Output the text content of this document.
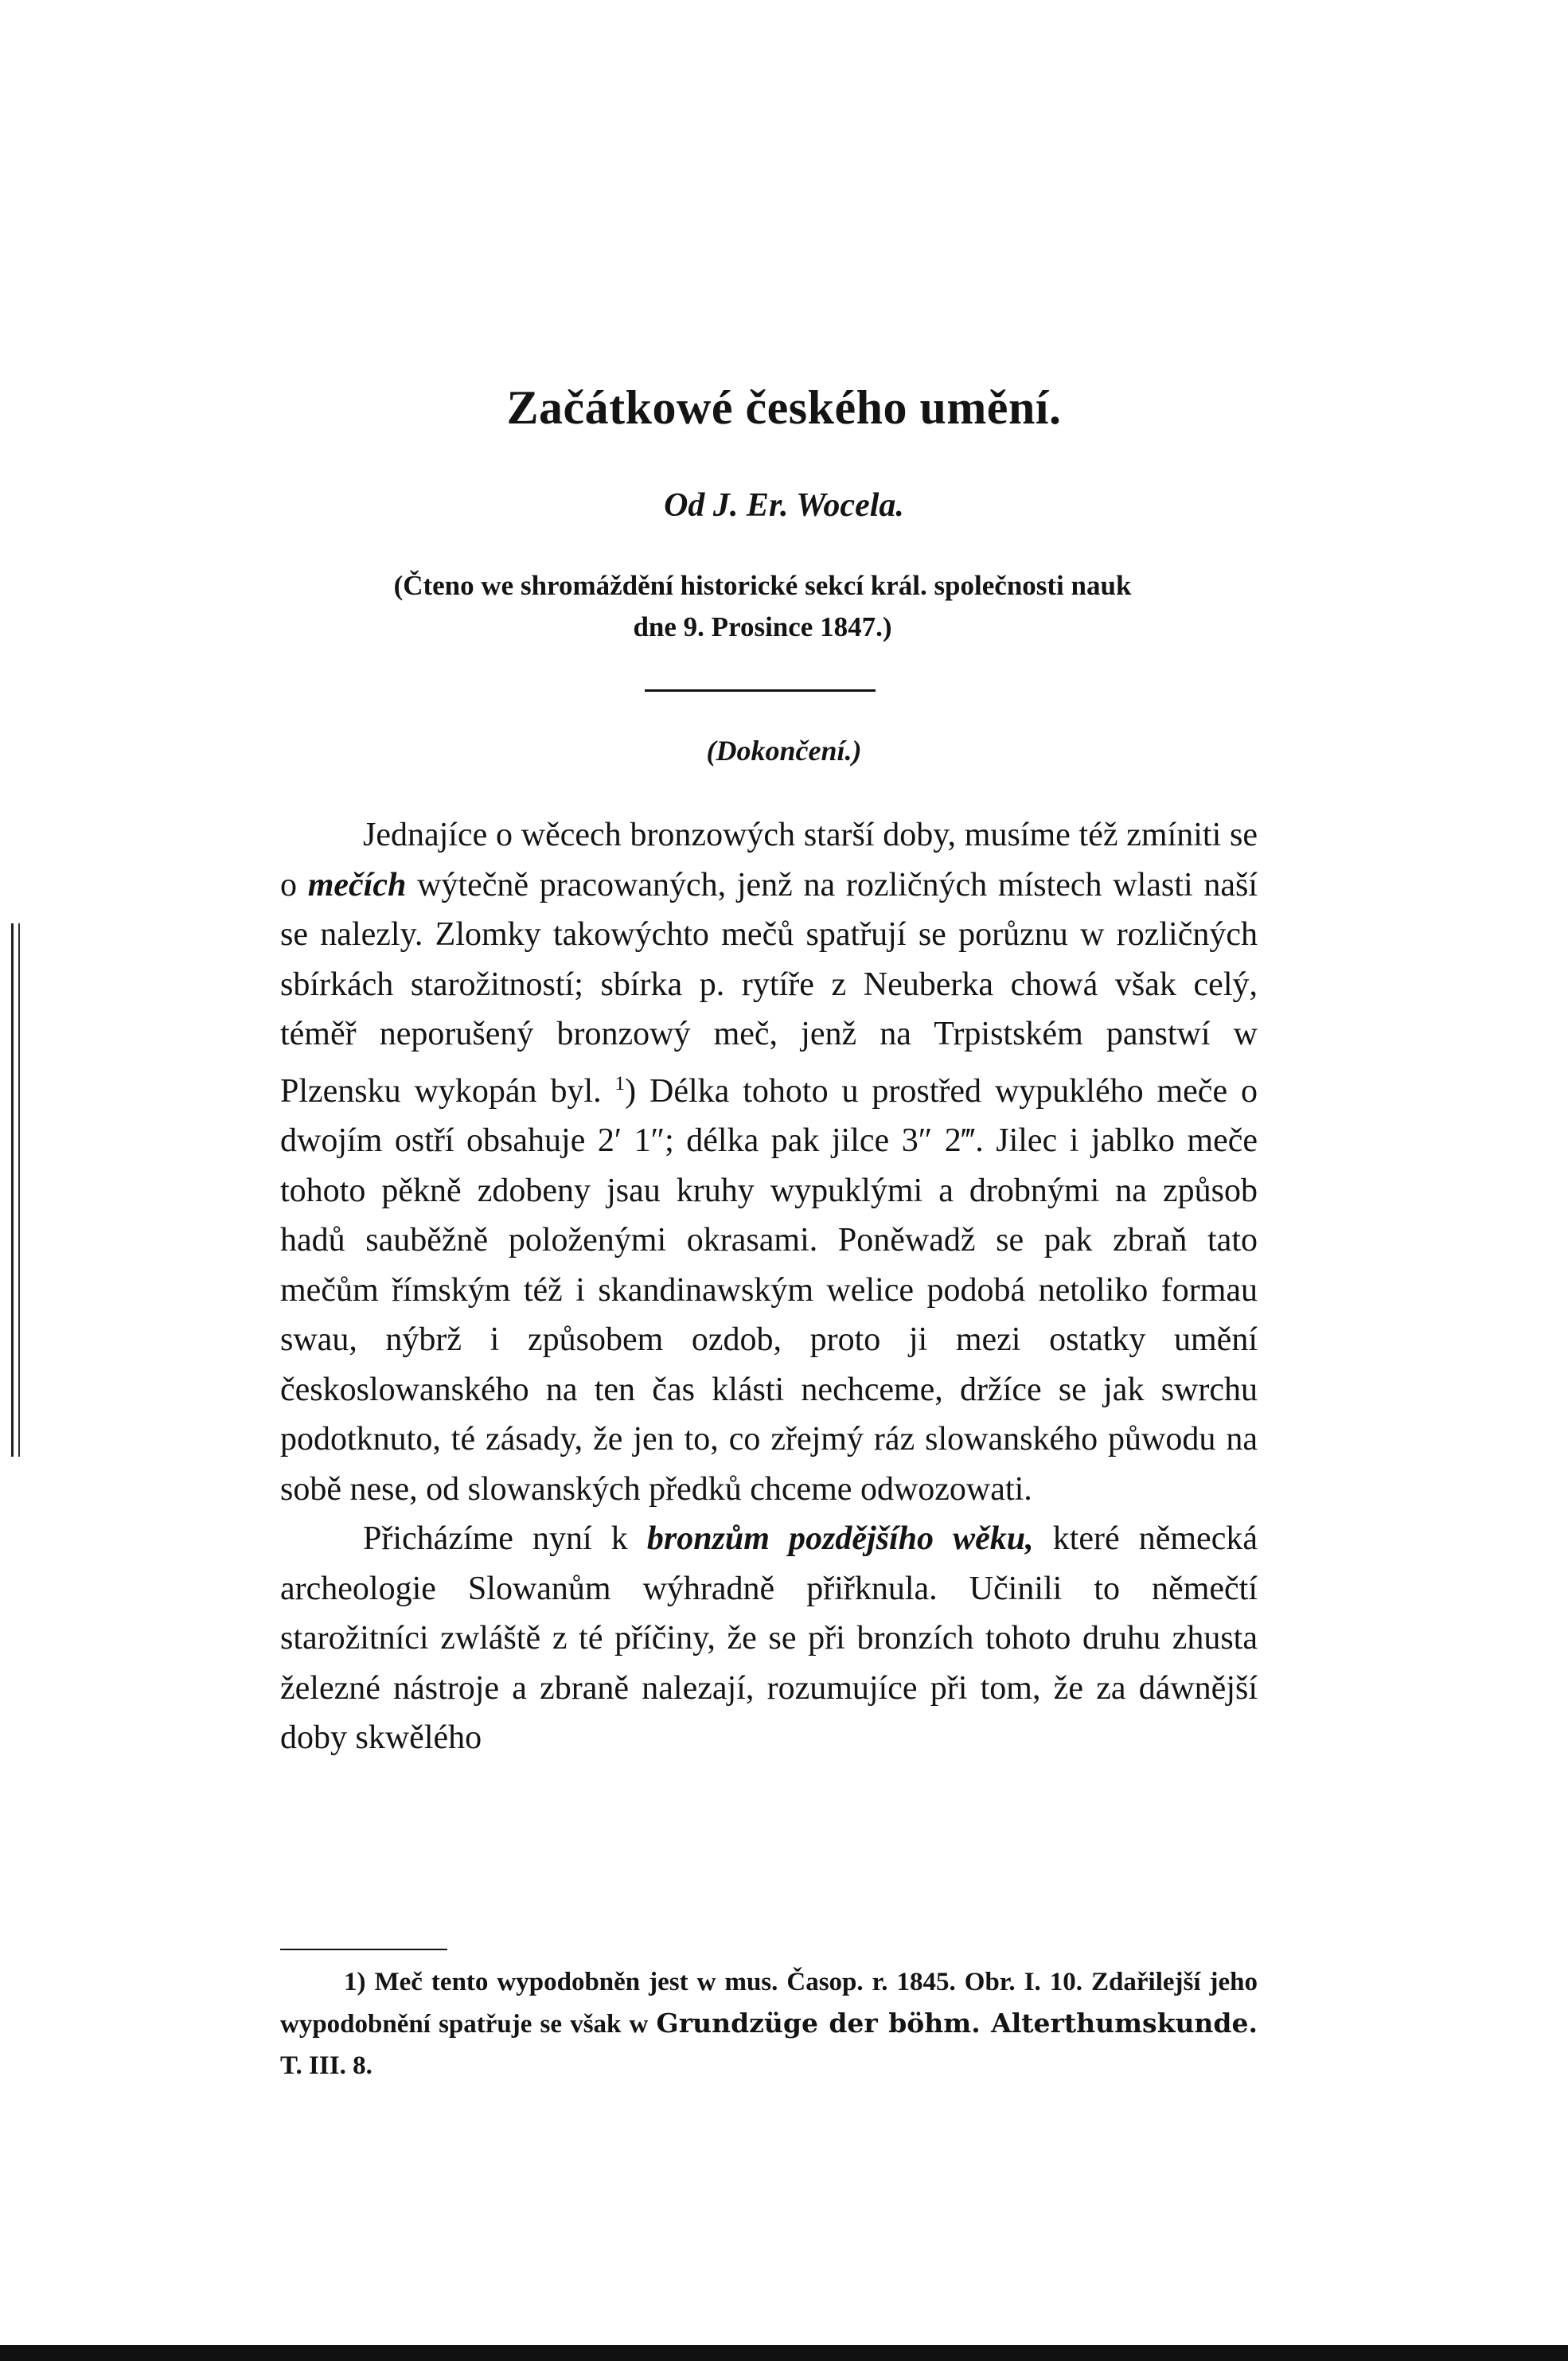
Začátkowé českého umění.
Od J. Er. Wocela.
(Čteno we shromáždění historické sekcí král. společnosti nauk
dne 9. Prosince 1847.)
(Dokončení.)

Jednajíce o wěcech bronzowých starší doby, musíme též zmíniti se o mečích wýtečně pracowaných, jenž na rozličných místech wlasti naší se nalezly. Zlomky takowýchto mečů spatřují se porůznu w rozličných sbírkách starožitností; sbírka p. rytíře z Neuberka chowá však celý, téměř neporušený bronzowý meč, jenž na Trpistském panstwí w Plzensku wykopán byl. $^1$) Délka tohoto u prostřed wypuklého meče o dwojím ostří obsahuje 2′ 1″; délka pak jilce 3″ 2‴. Jilec i jablko meče tohoto pěkně zdobeny jsau kruhy wypuklými a drobnými na způsob hadů sauběžně položenými okrasami. Poněwadž se pak zbraň tato mečům římským též i skandinawským welice podobá netoliko formau swau, nýbrž i způsobem ozdob, proto ji mezi ostatky umění českoslowanského na ten čas klásti nechceme, držíce se jak swrchu podotknuto, té zásady, že jen to, co zřejmý ráz slowanského půwodu na sobě nese, od slowanských předků chceme odwozowati.

Přicházíme nyní k bronzům pozdějšího wěku, které německá archeologie Slowanům wýhradně přiřknula. Učinili to němečtí starožitníci zwláště z té příčiny, že se při bronzích tohoto druhu zhusta železné nástroje a zbraně nalezají, rozumujíce při tom, že za dáwnější doby skwělého

1) Meč tento wypodobněn jest w mus. Časop. r. 1845. Obr. I. 10. Zdařilejší jeho wypodobnění spatřuje se však w Grundzüge der böhm. Alterthumskunde. T. III. 8.
